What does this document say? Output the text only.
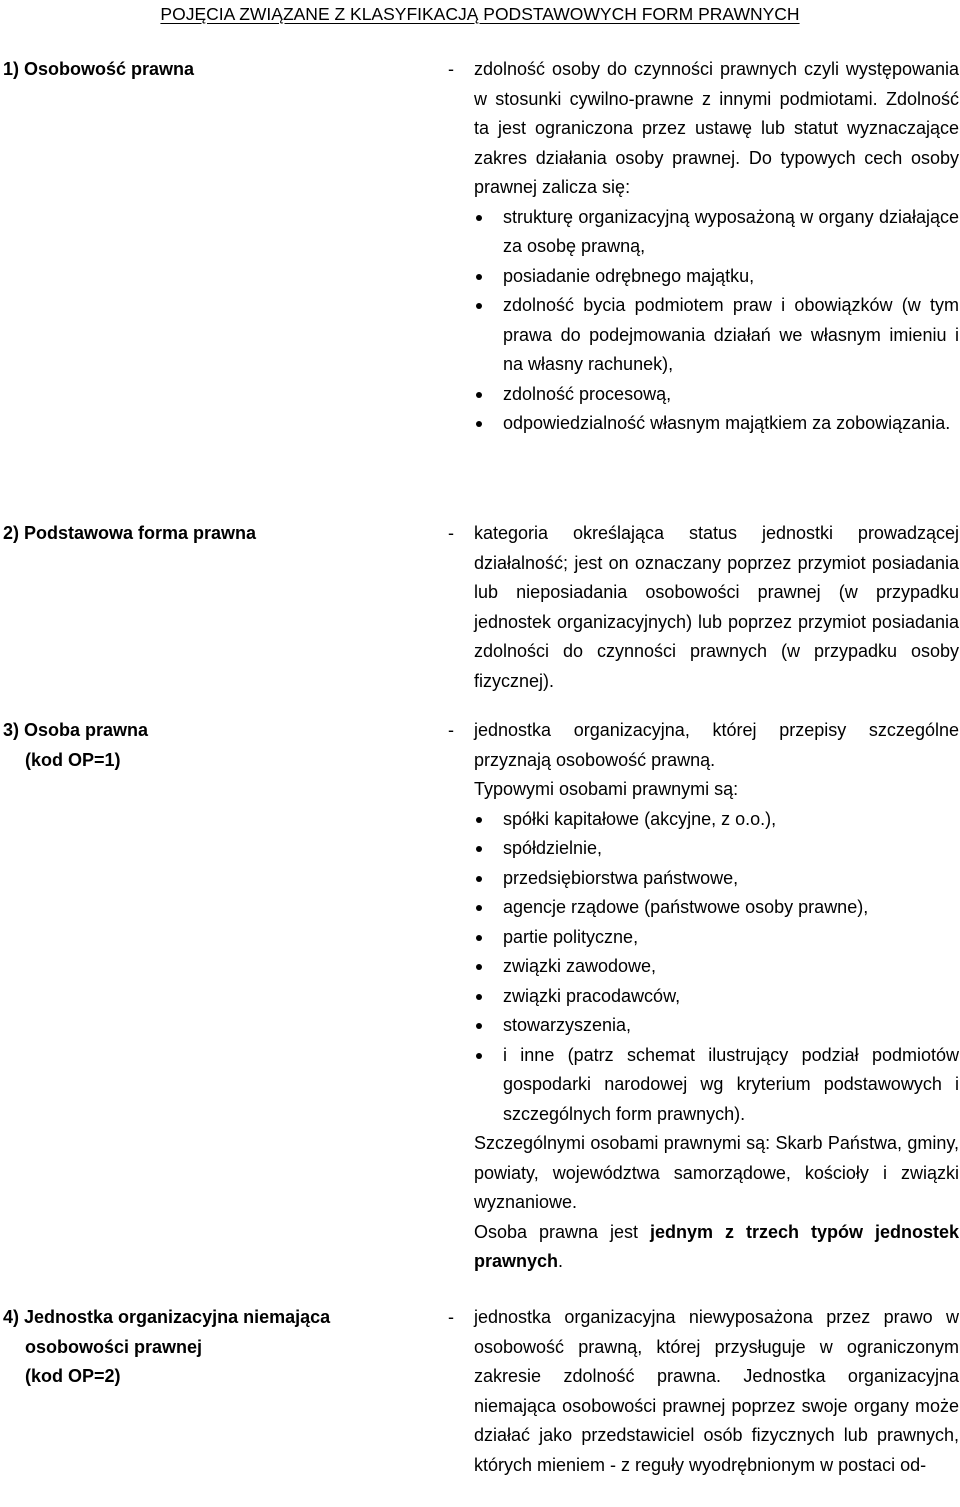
POJĘCIA ZWIĄZANE Z KLASYFIKACJĄ PODSTAWOWYCH FORM PRAWNYCH
1) Osobowość prawna	- zdolność osoby do czynności prawnych czyli występowania w stosunki cywilno-prawne z innymi podmiotami. Zdolność ta jest ograniczona przez ustawę lub statut wyznaczające zakres działania osoby prawnej. Do typowych cech osoby prawnej zalicza się:

strukturę organizacyjną wyposażoną w organy działające za osobę prawną,
posiadanie odrębnego majątku,
zdolność bycia podmiotem praw i obowiązków (w tym prawa do podejmowania działań we własnym imieniu i na własny rachunek),
zdolność procesową,
odpowiedzialność własnym majątkiem za zobowiązania.
2) Podstawowa forma prawna	- kategoria określająca status jednostki prowadzącej działalność; jest on oznaczany poprzez przymiot posiadania lub nieposiadania osobowości prawnej (w przypadku jednostek organizacyjnych) lub poprzez przymiot posiadania zdolności do czynności prawnych (w przypadku osoby fizycznej).

3) Osoba prawna
(kod OP=1)
- jednostka organizacyjna, której przepisy szczególne przyznają osobowość prawną.

Typowymi osobami prawnymi są:

spółki kapitałowe (akcyjne, z o.o.),
spółdzielnie,
przedsiębiorstwa państwowe,
agencje rządowe (państwowe osoby prawne),
partie polityczne,
związki zawodowe,
związki pracodawców,
stowarzyszenia,
i inne (patrz schemat ilustrujący podział podmiotów gospodarki narodowej wg kryterium podstawowych i szczególnych form prawnych).

Szczególnymi osobami prawnymi są: Skarb Państwa, gminy, powiaty, województwa samorządowe, kościoły i związki wyznaniowe.

Osoba prawna jest jednym z trzech typów jednostek prawnych.

4) Jednostka organizacyjna niemająca
osobowości prawnej
(kod OP=2)
- jednostka organizacyjna niewyposażona przez prawo w osobowość prawną, której przysługuje w ograniczonym zakresie zdolność prawna. Jednostka organizacyjna niemająca osobowości prawnej poprzez swoje organy może działać jako przedstawiciel osób fizycznych lub prawnych, których mieniem - z reguły wyodrębnionym w postaci od-
